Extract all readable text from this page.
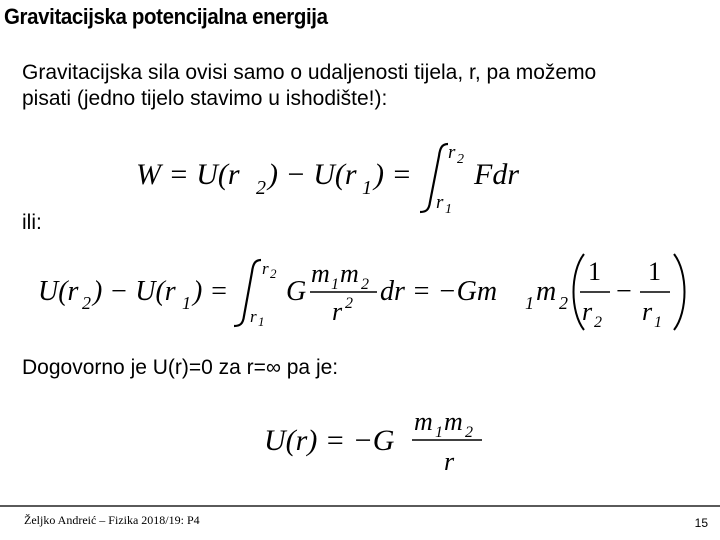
Gravitacijska potencijalna energija
Gravitacijska sila ovisi samo o udaljenosti tijela, r, pa možemo
pisati (jedno tijelo stavimo u ishodište!):
W = U(r 2 ) − U(r 1 ) =
r 2
r 1
Fdr
ili:
U(r 2 ) − U(r 1 ) =
r 2
r 1
G
m 1 m 2
r 2 dr = −Gm 1 m 2
1
r 2
−
1
r 1
Dogovorno je U(r)=0 za r=∞ pa je:
U(r) = −G
m 1 m 2
r
Željko Andreić – Fizika 2018/19: P4	15
